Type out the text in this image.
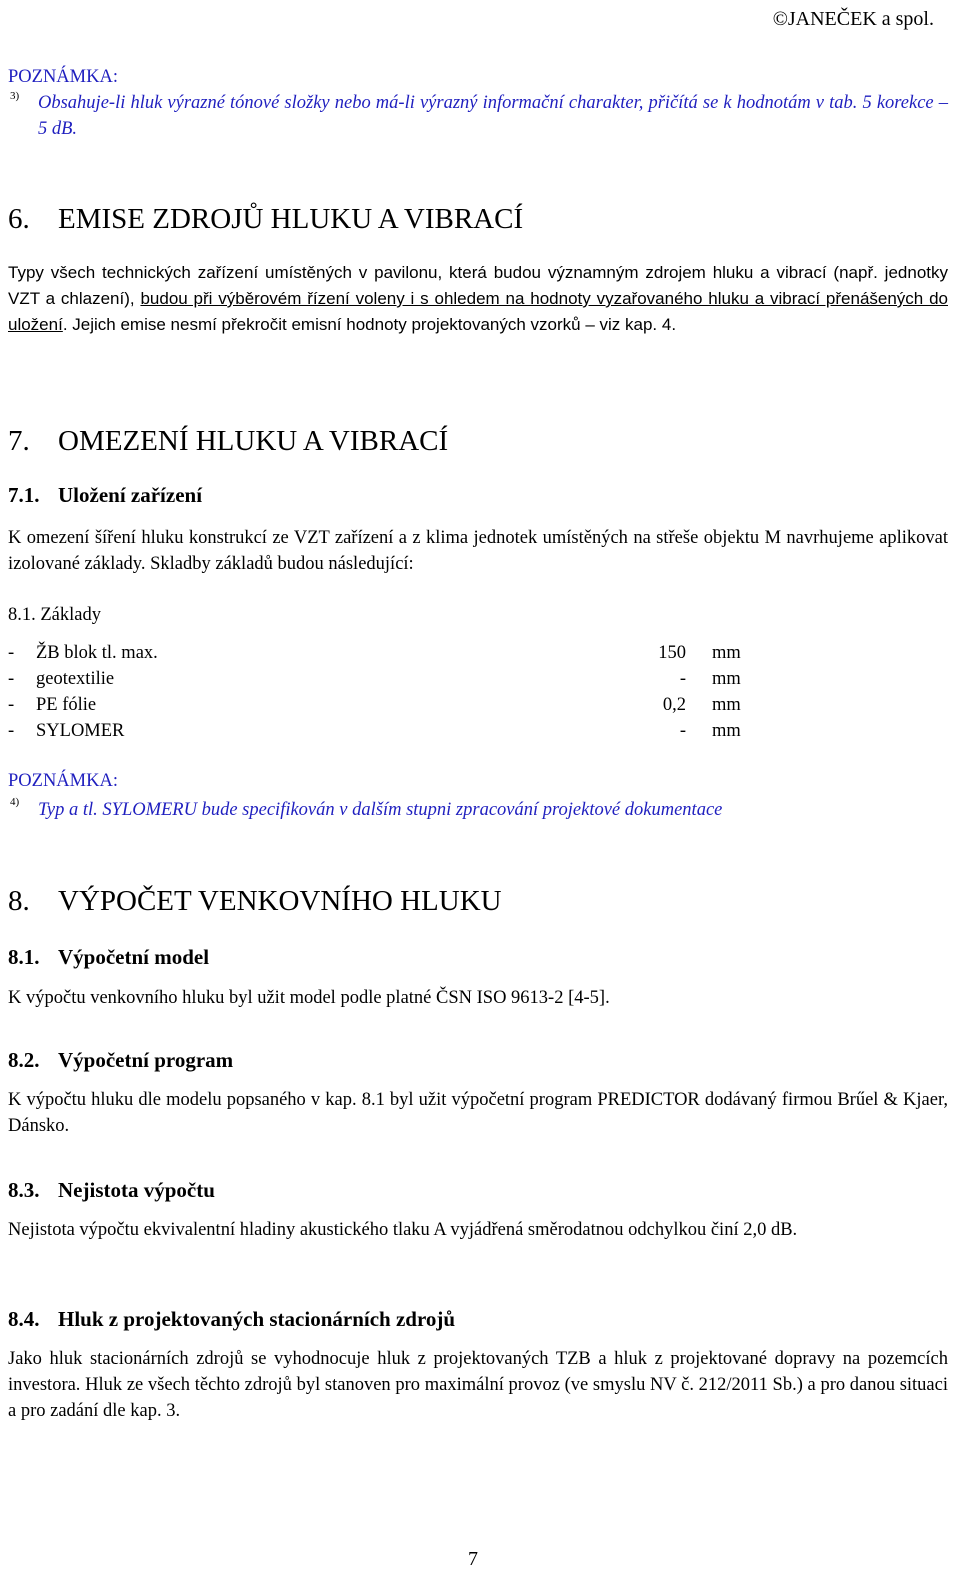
©JANEČEK a spol.
POZNÁMKA:
3) Obsahuje-li hluk výrazné tónové složky nebo má-li výrazný informační charakter, přičítá se k hodnotám v tab. 5 korekce – 5 dB.
6. EMISE ZDROJŮ HLUKU A VIBRACÍ
Typy všech technických zařízení umístěných v pavilonu, která budou významným zdrojem hluku a vibrací (např. jednotky VZT a chlazení), budou při výběrovém řízení voleny i s ohledem na hodnoty vyzařovaného hluku a vibrací přenášených do uložení. Jejich emise nesmí překročit emisní hodnoty projektovaných vzorků – viz kap. 4.
7. OMEZENÍ HLUKU A VIBRACÍ
7.1. Uložení zařízení
K omezení šíření hluku konstrukcí ze VZT zařízení a z klima jednotek umístěných na střeše objektu M navrhujeme aplikovat izolované základy. Skladby základů budou následující:
8.1. Základy
- ŽB blok tl. max.	150 mm
- geotextilie	- mm
- PE fólie	0,2 mm
- SYLOMER	- mm
POZNÁMKA:
4) Typ a tl. SYLOMERU bude specifikován v dalším stupni zpracování projektové dokumentace
8. VÝPOČET VENKOVNÍHO HLUKU
8.1. Výpočetní model
K výpočtu venkovního hluku byl užit model podle platné ČSN ISO 9613-2 [4-5].
8.2. Výpočetní program
K výpočtu hluku dle modelu popsaného v kap. 8.1 byl užit výpočetní program PREDICTOR dodávaný firmou Brűel & Kjaer, Dánsko.
8.3. Nejistota výpočtu
Nejistota výpočtu ekvivalentní hladiny akustického tlaku A vyjádřená směrodatnou odchylkou činí 2,0 dB.
8.4. Hluk z projektovaných stacionárních zdrojů
Jako hluk stacionárních zdrojů se vyhodnocuje hluk z projektovaných TZB a hluk z projektované dopravy na pozemcích investora. Hluk ze všech těchto zdrojů byl stanoven pro maximální provoz (ve smyslu NV č. 212/2011 Sb.) a pro danou situaci a pro zadání dle kap. 3.
7
